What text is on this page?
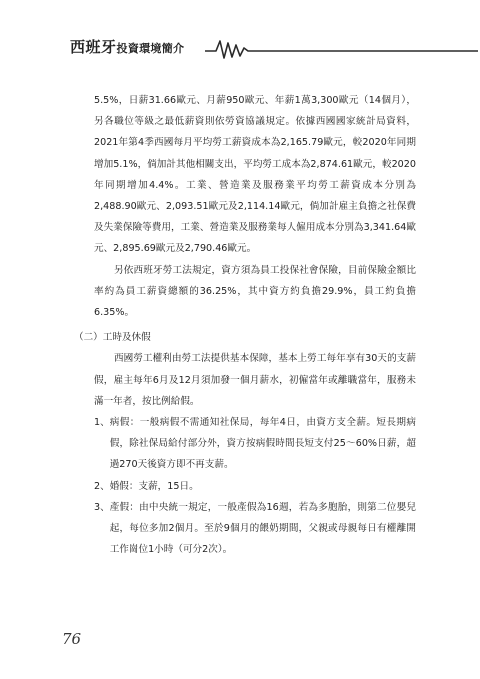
西班牙投資環境簡介

5.5%，日薪31.66歐元、月薪950歐元、年薪1萬3,300歐元（14個月），另各職位等級之最低薪資則依勞資協議規定。依據西國國家統計局資料，2021年第4季西國每月平均勞工薪資成本為2,165.79歐元，較2020年同期增加5.1%，倘加計其他相關支出，平均勞工成本為2,874.61歐元，較2020年同期增加4.4%。工業、營造業及服務業平均勞工薪資成本分別為2,488.90歐元、2,093.51歐元及2,114.14歐元，倘加計雇主負擔之社保費及失業保險等費用，工業、營造業及服務業每人僱用成本分別為3,341.64歐元、2,895.69歐元及2,790.46歐元。

另依西班牙勞工法規定，資方須為員工投保社會保險，目前保險金額比率約為員工薪資總額的36.25%，其中資方約負擔29.9%，員工約負擔6.35%。

（二）工時及休假

西國勞工權利由勞工法提供基本保障，基本上勞工每年享有30天的支薪假，雇主每年6月及12月須加發一個月薪水，初僱當年或離職當年，服務未滿一年者，按比例給假。

1、 病假：一般病假不需通知社保局，每年4日，由資方支全薪。短長期病假，除社保局給付部分外，資方按病假時間長短支付25～60%日薪，超過270天後資方即不再支薪。
2、 婚假：支薪，15日。
3、 產假：由中央統一規定，一般產假為16週，若為多胞胎，則第二位嬰兒起，每位多加2個月。至於9個月的餵奶期間，父親或母親每日有權離開工作崗位1小時（可分2次）。

76
